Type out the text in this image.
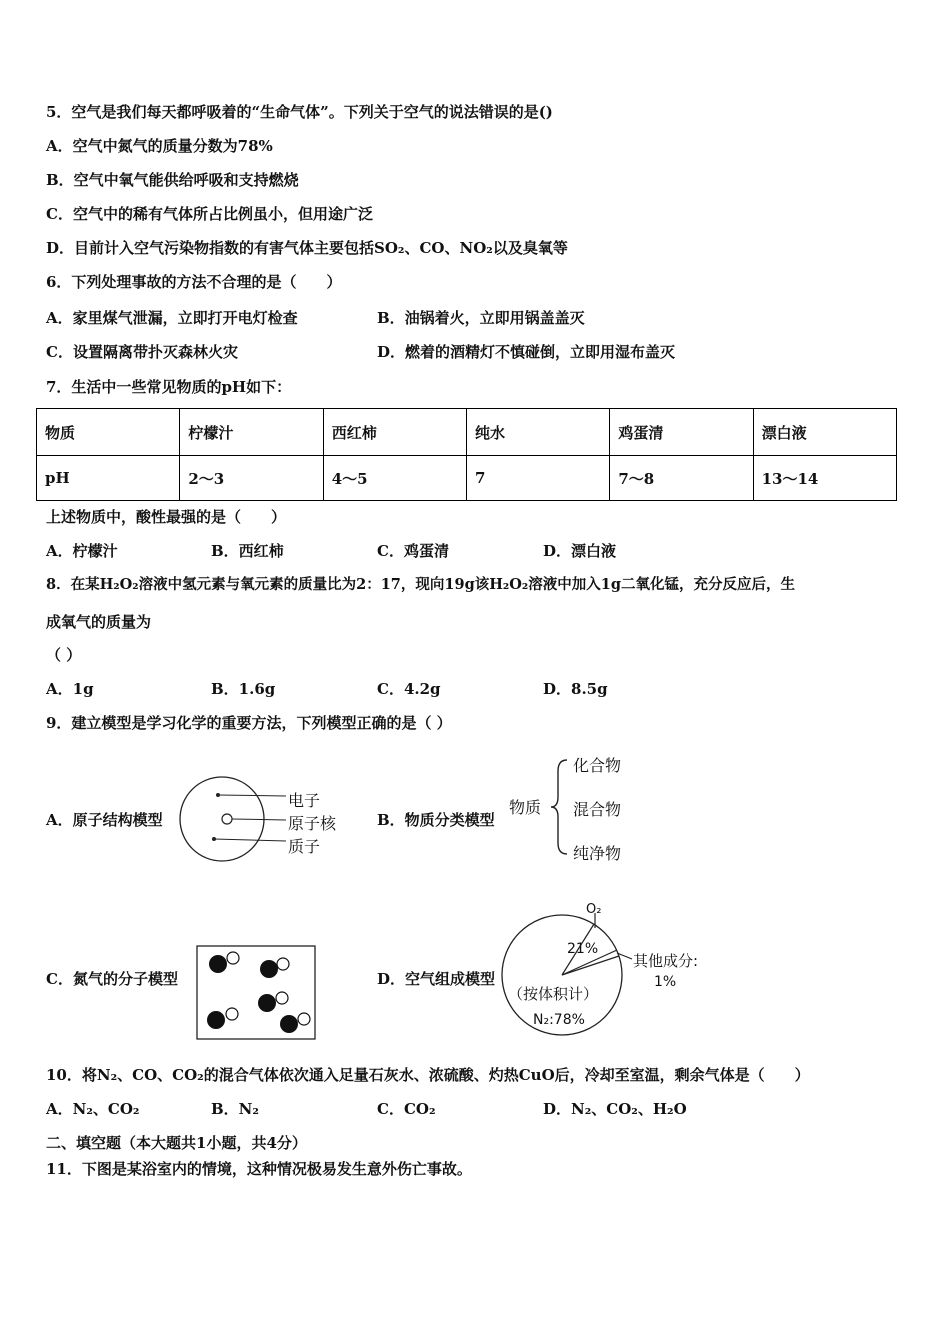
5．空气是我们每天都呼吸着的“生命气体”。下列关于空气的说法错误的是()
A．空气中氮气的质量分数为78%
B．空气中氧气能供给呼吸和支持燃烧
C．空气中的稀有气体所占比例虽小，但用途广泛
D．目前计入空气污染物指数的有害气体主要包括SO₂、CO、NO₂以及臭氧等
6．下列处理事故的方法不合理的是（　　）
A．家里煤气泄漏，立即打开电灯检查	B．油锅着火，立即用锅盖盖灭
C．设置隔离带扑灭森林火灾	D．燃着的酒精灯不慎碰倒，立即用湿布盖灭
7．生活中一些常见物质的pH如下：
物质	柠檬汁	西红柿	纯水	鸡蛋清	漂白液
pH	2～3	4～5	7	7～8	13～14
上述物质中，酸性最强的是（　　）
A．柠檬汁	B．西红柿	C．鸡蛋清	D．漂白液
8．在某H₂O₂溶液中氢元素与氧元素的质量比为2：17，现向19g该H₂O₂溶液中加入1g二氧化锰，充分反应后，生
成氧气的质量为
（ ）
A．1g	B．1.6g	C．4.2g	D．8.5g
9．建立模型是学习化学的重要方法，下列模型正确的是（ ）
A．原子结构模型
电子
原子核
质子
B．物质分类模型
物质
化合物
混合物
纯净物
C．氮气的分子模型	D．空气组成模型
O₂
21%
其他成分:
1%
（按体积计）
N₂:78%
10．将N₂、CO、CO₂的混合气体依次通入足量石灰水、浓硫酸、灼热CuO后，冷却至室温，剩余气体是（　　）
A．N₂、CO₂	B．N₂	C．CO₂	D．N₂、CO₂、H₂O
二、填空题（本大题共1小题，共4分）
11．下图是某浴室内的情境，这种情况极易发生意外伤亡事故。
